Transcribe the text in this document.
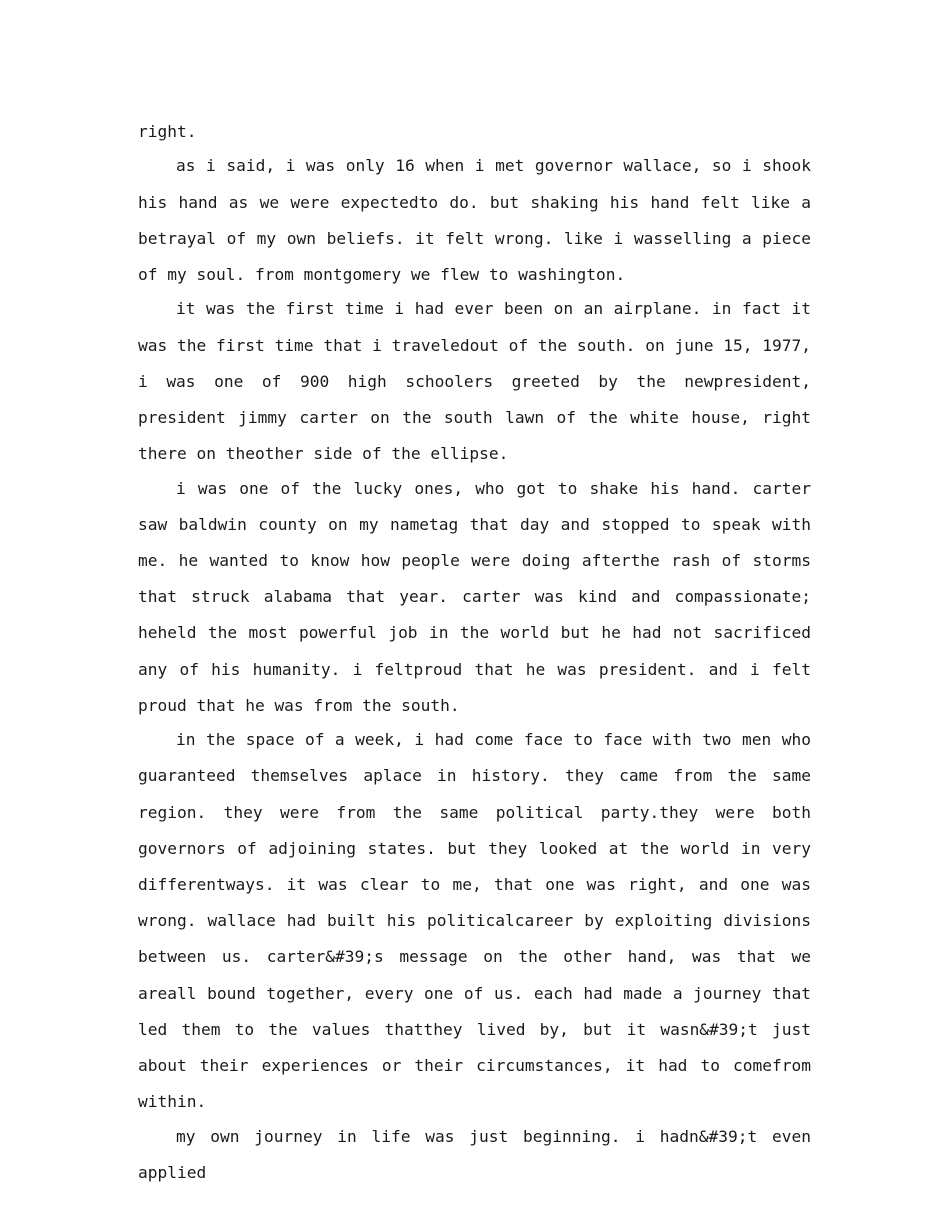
right.

as i said, i was only 16 when i met governor wallace, so i shook his hand as we were expectedto do. but shaking his hand felt like a betrayal of my own beliefs. it felt wrong. like i wasselling a piece of my soul. from montgomery we flew to washington.

it was the first time i had ever been on an airplane. in fact it was the first time that i traveledout of the south. on june 15, 1977, i was one of 900 high schoolers greeted by the newpresident, president jimmy carter on the south lawn of the white house, right there on theother side of the ellipse.

i was one of the lucky ones, who got to shake his hand. carter saw baldwin county on my nametag that day and stopped to speak with me. he wanted to know how people were doing afterthe rash of storms that struck alabama that year. carter was kind and compassionate; heheld the most powerful job in the world but he had not sacrificed any of his humanity. i feltproud that he was president. and i felt proud that he was from the south.

in the space of a week, i had come face to face with two men who guaranteed themselves aplace in history. they came from the same region. they were from the same political party.they were both governors of adjoining states. but they looked at the world in very differentways. it was clear to me, that one was right, and one was wrong. wallace had built his politicalcareer by exploiting divisions between us. carter&#39;s message on the other hand, was that we areall bound together, every one of us. each had made a journey that led them to the values thatthey lived by, but it wasn&#39;t just about their experiences or their circumstances, it had to comefrom within.

my own journey in life was just beginning. i hadn&#39;t even applied
